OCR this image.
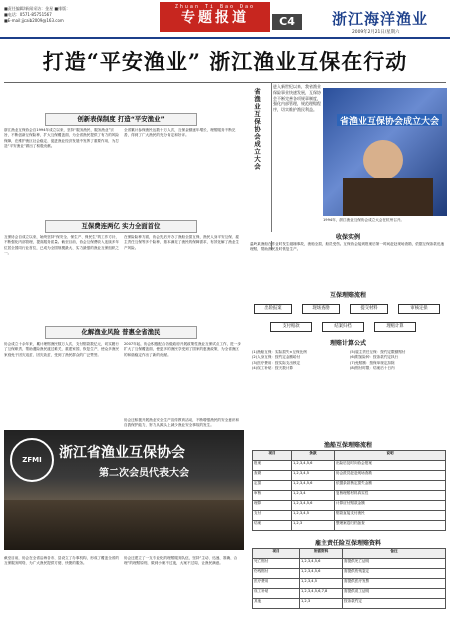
■责任编辑/新闻采访：金星 ■排版：
■电话：0571-85751567
■E-mail:jjcaib2009@163.com
Zhuan Ti Bao Dao
专题报道	C4	浙江海洋渔业
2009年2月21日/星期六
打造“平安渔业” 浙江渔业互保在行动
创新表保制度 打造“平安渔业”
浙江渔业互保协会自1994年成立以来，坚持“服务渔民、服务渔业”宗旨，不断创新互保险种，扩大互保覆盖面，为全省渔民提供了有力的风险保障，在维护渔区社会稳定、促进渔业经济发展中发挥了重要作用，为打造“平安渔业”做出了积极贡献。
全省累计参保渔民达数十万人次，互保金额逐年增长，理赔服务不断完善，得到了广大渔民的充分肯定和好评。
互保费连两亿 实力全面首位
互保协会自成立以来，始终坚持“保安全、保生产、保民生”的工作方针，不断强化内部管理，提高服务质量。截至目前，协会互保费收入连续多年位居全国同行业首位，已成为全国规模最大、实力最强的渔业互保组织之一。
在保险险种方面，协会先后开办了渔船全损互保、渔民人身平安互保、雇主责任互保等多个险种，基本满足了渔民的保障需求，有效化解了渔业生产风险。
化解渔业风险 普惠全省渔民
协会成立十余年来，累计理赔渔民数万人次，支付赔款数亿元，切实履行了互保职责，帮助遇险渔民渡过难关，重建家园，恢复生产，使众多渔民家庭免于因灾返贫、因灾致贫，受到了渔民群众的广泛赞誉。
2007年起，协会积极配合各级政府开展政策性渔业互保试点工作，进一步扩大了互保覆盖面，使更多的渔民享受到了国家的惠渔政策，为全省渔区的和谐稳定作出了新的贡献。
ZFMI	浙江省渔业互保协会
第二次会员代表大会
截至目前，协会在全省沿海各市、县设立了办事机构，形成了覆盖全省的互保服务网络，为广大渔民提供方便、快捷的服务。
协会还建立了一支专业化的理赔服务队伍，坚持“主动、迅速、准确、合理”的理赔原则，做到小案不过夜，大案不过周，让渔民满意。
省渔业互保协会成立大会
进入新世纪以来，我省渔业保险事业快速发展，互保协会不断完善各项规章制度，强化内部管理，规范理赔程序，切实维护渔民利益。
省渔业互保协会成立大会
1994年，浙江渔业互保协会成立大会在杭州召开。
收保实例
温岭某渔船在作业时发生碰撞事故，渔船全损，船员受伤。互保协会接到报案后第一时间赶赴现场查勘，依据互保条款迅速理赔，帮助渔民及时恢复生产。
互保理赔流程
出险报案	现场查勘	提交材料	审核定损
支付赔款	结案归档	理赔计算
理赔计算公式
(1)渔船互保：实际损失×互保比例
(2)人身互保：按约定金额给付
(3)医疗费用：按实际支出核定
(4)误工补贴：按天数计算
(5)雇主责任互保：按约定限额赔付
(6)附加险种：按条款约定执行
(7)免赔额：按保单规定扣除
(8)赔付时限：结案后十日内
渔船互保理赔流程
项目	条款	说明
报案	1,2,3,4,5,6	出险后及时向协会报案
查勘	1,2,3,4,5	协会派员赶赴现场查勘
定损	1,2,3,4,5,6	依据条款核定损失金额
审核	1,2,3,4	复核理赔材料真实性
理算	1,2,3,4,5,6	计算应付赔款金额
支付	1,2,3,4,5	赔款直接支付渔民
结案	1,2,3	整理案卷归档备查
雇主责任险互保理赔资料
项目	所需资料	备注
死亡赔付	1,2,3,4,5,6	需提供死亡证明
伤残赔付	1,2,3,4,5,6	需提供伤残鉴定
医疗费用	1,2,3,4,5	需提供医疗发票
误工补贴	1,2,3,4,5,6,7,8	需提供误工证明
其他	1,2,3	按条款约定
协会还积极开展渔业安全生产宣传教育活动，不断增强渔民的安全意识和自我保护能力，努力从源头上减少渔业安全事故的发生。
